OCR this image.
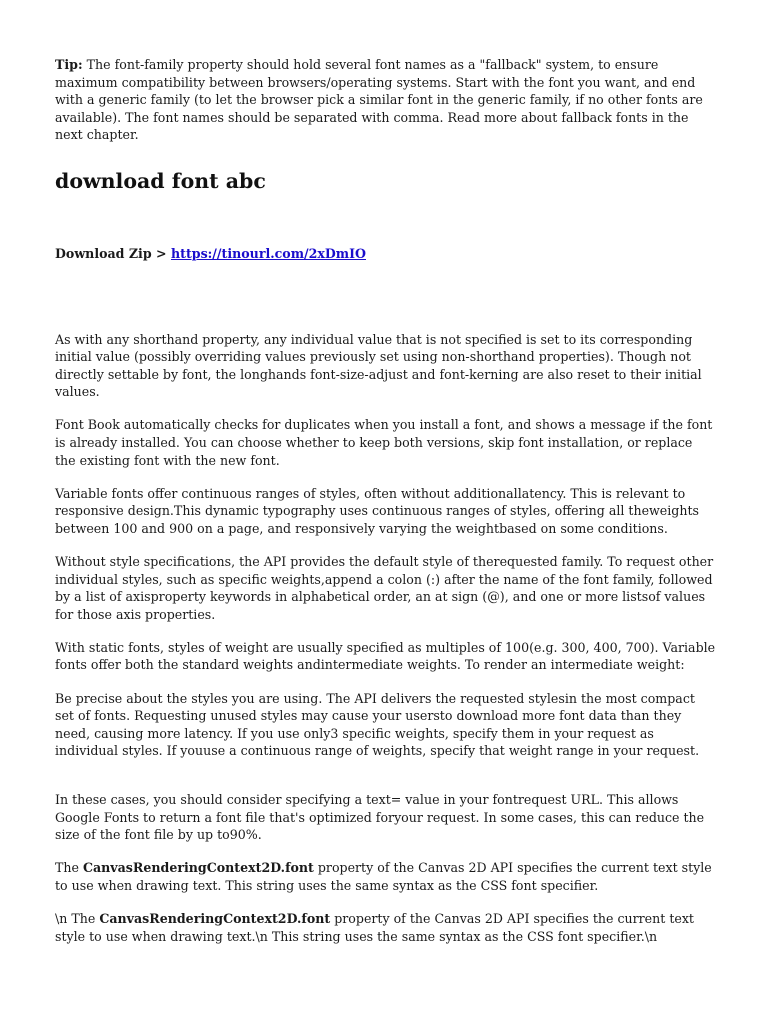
Tip: The font-family property should hold several font names as a "fallback" system, to ensure maximum compatibility between browsers/operating systems. Start with the font you want, and end with a generic family (to let the browser pick a similar font in the generic family, if no other fonts are available). The font names should be separated with comma. Read more about fallback fonts in the next chapter.

download font abc

Download Zip > https://tinourl.com/2xDmIO

As with any shorthand property, any individual value that is not specified is set to its corresponding initial value (possibly overriding values previously set using non-shorthand properties). Though not directly settable by font, the longhands font-size-adjust and font-kerning are also reset to their initial values.

Font Book automatically checks for duplicates when you install a font, and shows a message if the font is already installed. You can choose whether to keep both versions, skip font installation, or replace the existing font with the new font.

Variable fonts offer continuous ranges of styles, often without additionallatency. This is relevant to responsive design.This dynamic typography uses continuous ranges of styles, offering all theweights between 100 and 900 on a page, and responsively varying the weightbased on some conditions.

Without style specifications, the API provides the default style of therequested family. To request other individual styles, such as specific weights,append a colon (:) after the name of the font family, followed by a list of axisproperty keywords in alphabetical order, an at sign (@), and one or more listsof values for those axis properties.

With static fonts, styles of weight are usually specified as multiples of 100(e.g. 300, 400, 700). Variable fonts offer both the standard weights andintermediate weights. To render an intermediate weight:

Be precise about the styles you are using. The API delivers the requested stylesin the most compact set of fonts. Requesting unused styles may cause your usersto download more font data than they need, causing more latency. If you use only3 specific weights, specify them in your request as individual styles. If youuse a continuous range of weights, specify that weight range in your request.

In these cases, you should consider specifying a text= value in your fontrequest URL. This allows Google Fonts to return a font file that's optimized foryour request. In some cases, this can reduce the size of the font file by up to90%.

The CanvasRenderingContext2D.font property of the Canvas 2D API specifies the current text style to use when drawing text. This string uses the same syntax as the CSS font specifier.

\n The CanvasRenderingContext2D.font property of the Canvas 2D API specifies the current text style to use when drawing text.\n This string uses the same syntax as the CSS font specifier.\n
